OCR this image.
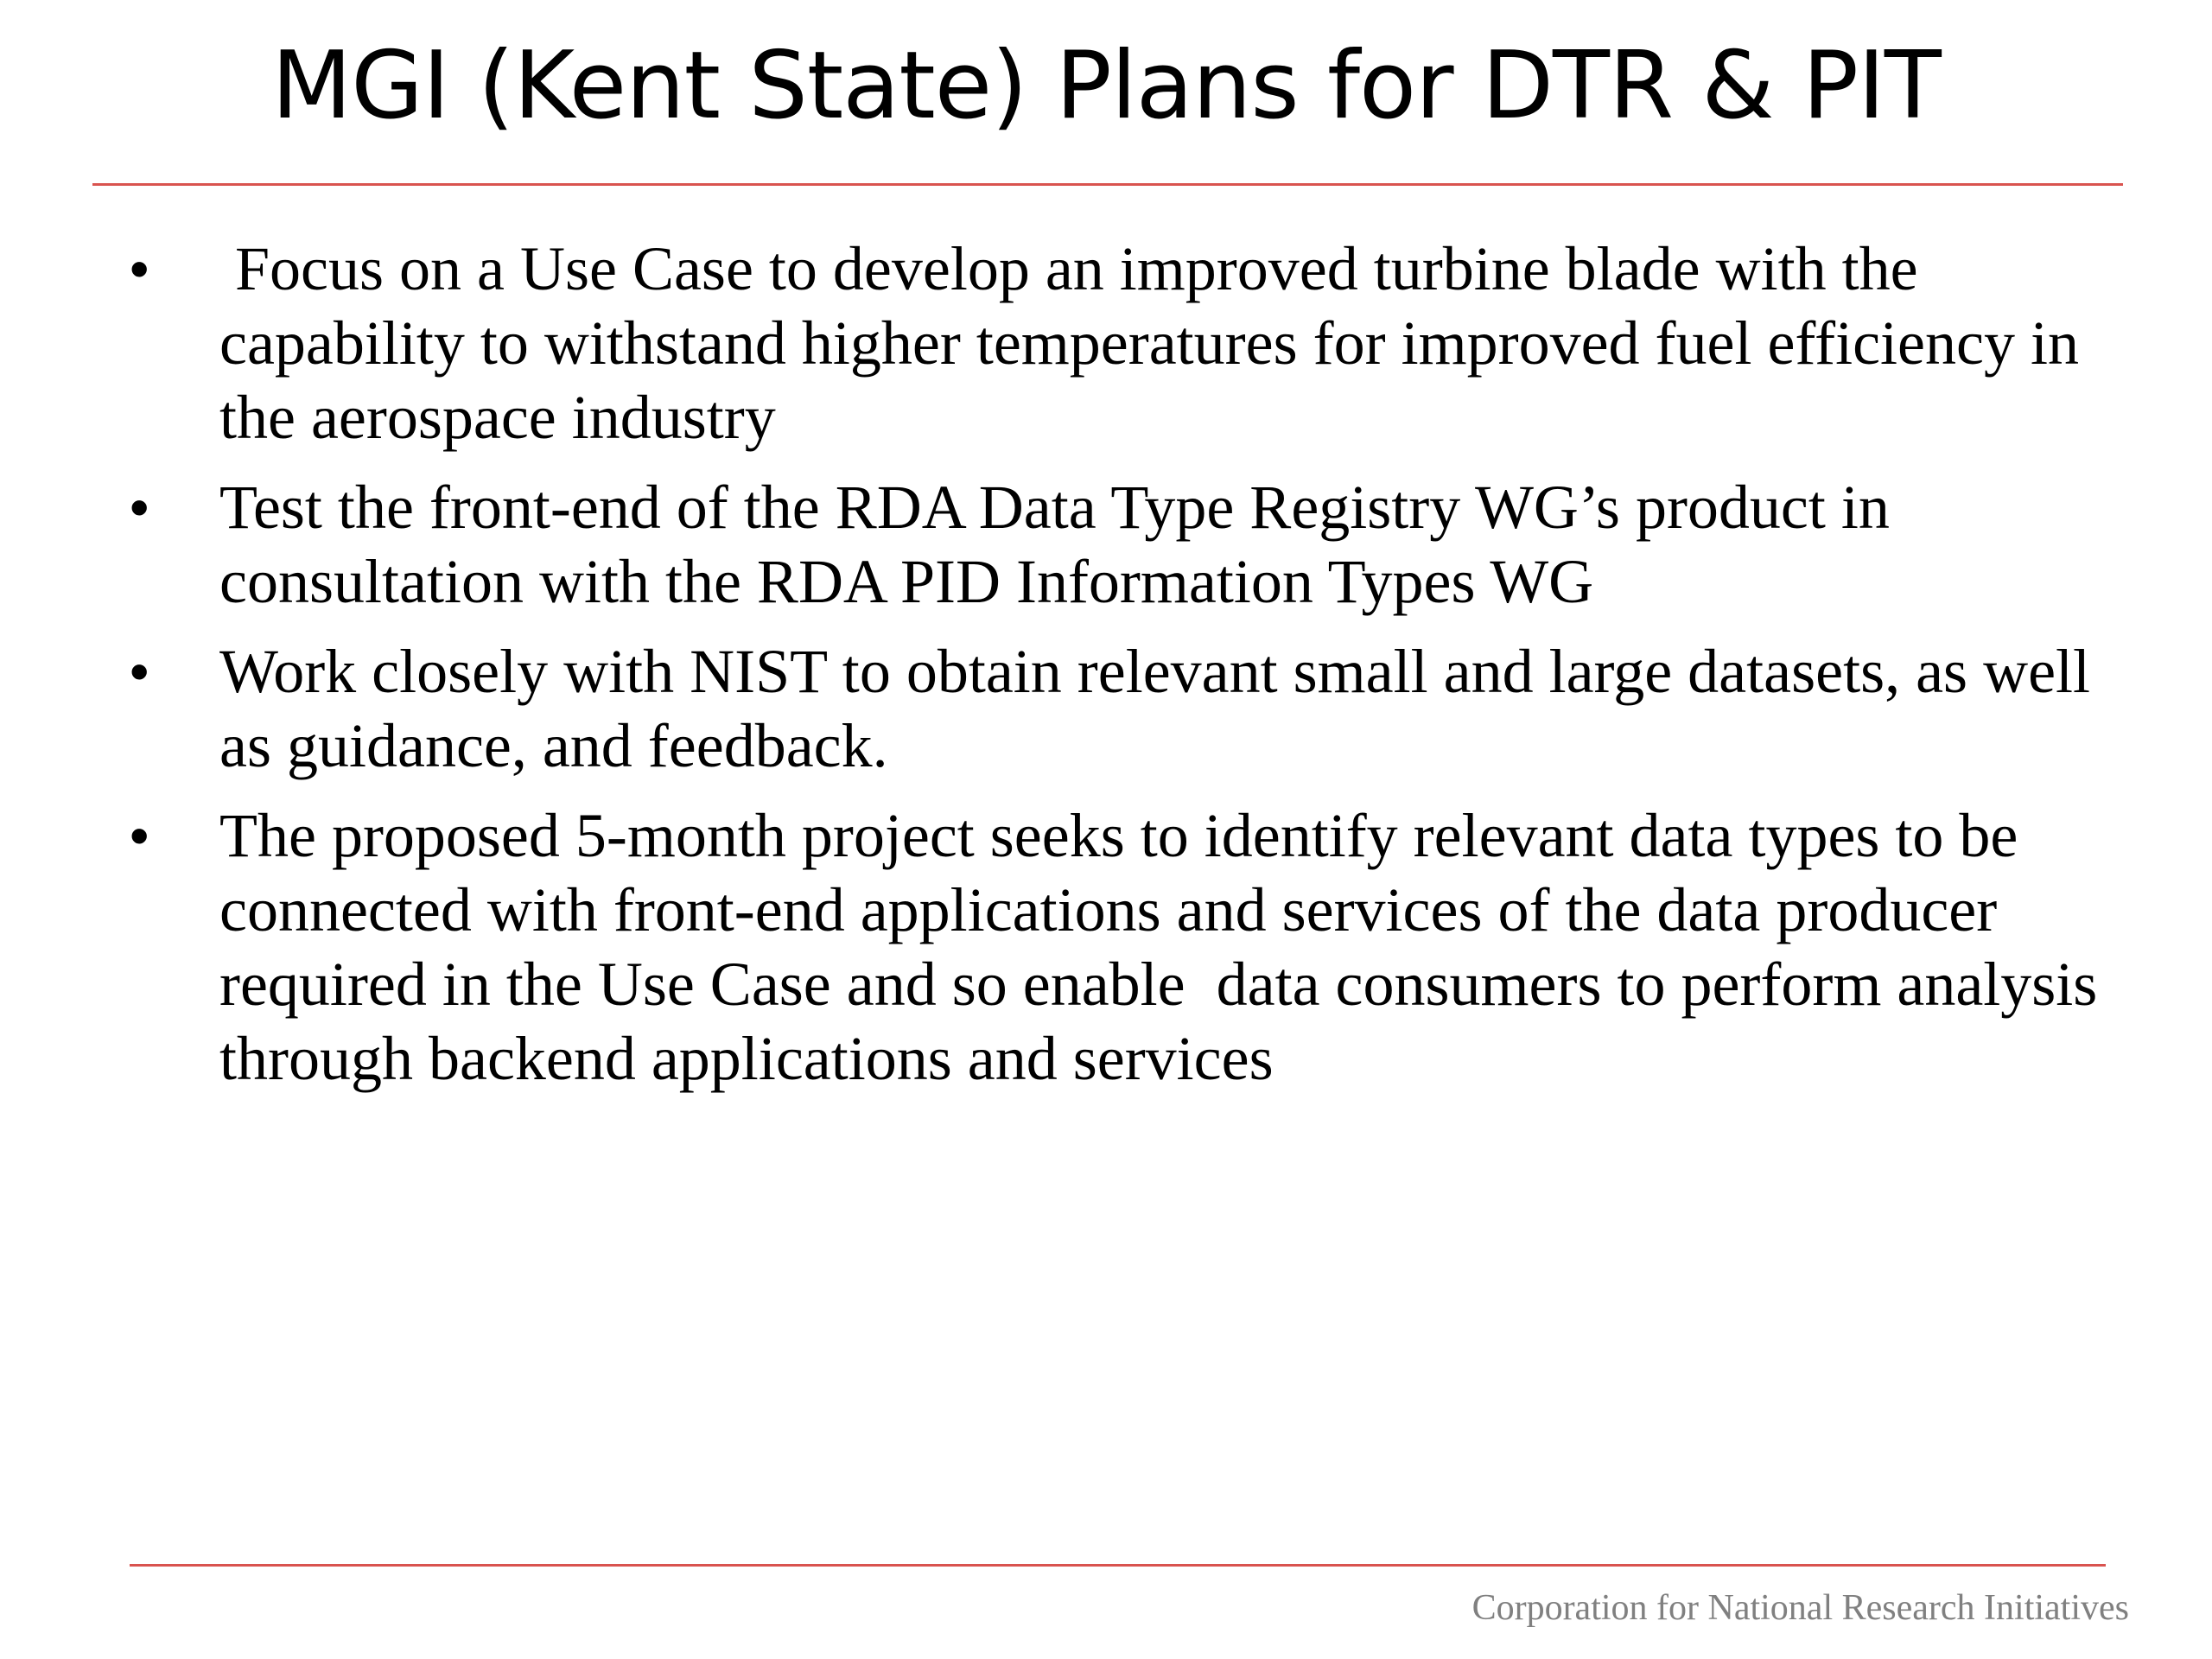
MGI (Kent State) Plans for DTR & PIT
• Focus on a Use Case to develop an improved turbine blade with the capability to withstand higher temperatures for improved fuel efficiency in the aerospace industry
• Test the front-end of the RDA Data Type Registry WG’s product in consultation with the RDA PID Information Types WG
• Work closely with NIST to obtain relevant small and large datasets, as well as guidance, and feedback.
• The proposed 5-month project seeks to identify relevant data types to be connected with front-end applications and services of the data producer required in the Use Case and so enable  data consumers to perform analysis through backend applications and services
Corporation for National Research Initiatives
